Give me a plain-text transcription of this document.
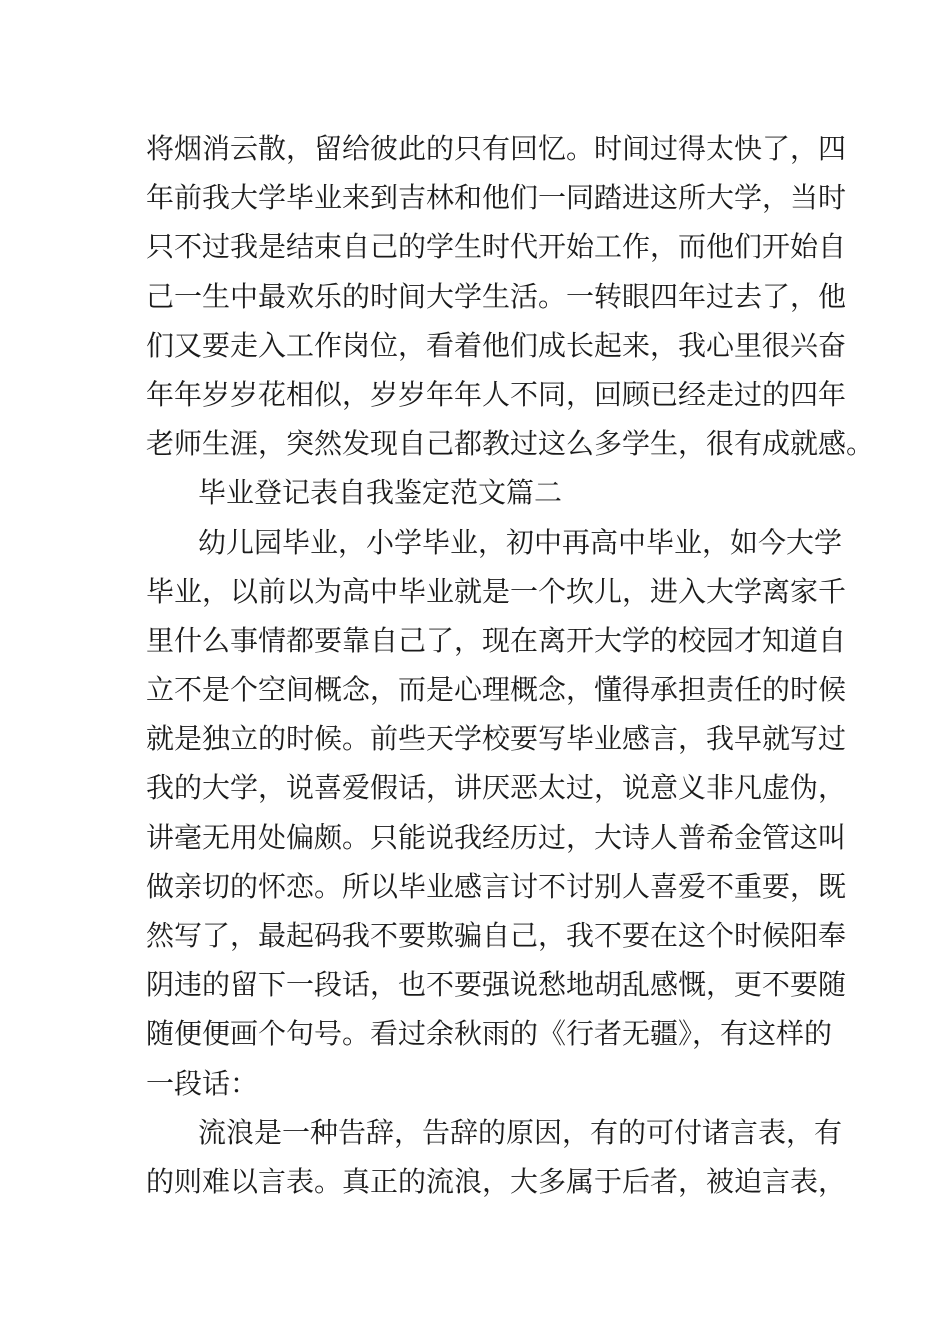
将烟消云散，留给彼此的只有回忆。时间过得太快了，四
年前我大学毕业来到吉林和他们一同踏进这所大学，当时
只不过我是结束自己的学生时代开始工作，而他们开始自
己一生中最欢乐的时间大学生活。一转眼四年过去了，他
们又要走入工作岗位，看着他们成长起来，我心里很兴奋
年年岁岁花相似，岁岁年年人不同，回顾已经走过的四年
老师生涯，突然发现自己都教过这么多学生，很有成就感。
毕业登记表自我鉴定范文篇二
幼儿园毕业，小学毕业，初中再高中毕业，如今大学
毕业，以前以为高中毕业就是一个坎儿，进入大学离家千
里什么事情都要靠自己了，现在离开大学的校园才知道自
立不是个空间概念，而是心理概念，懂得承担责任的时候
就是独立的时候。前些天学校要写毕业感言，我早就写过
我的大学，说喜爱假话，讲厌恶太过，说意义非凡虚伪，
讲毫无用处偏颇。只能说我经历过，大诗人普希金管这叫
做亲切的怀恋。所以毕业感言讨不讨别人喜爱不重要，既
然写了，最起码我不要欺骗自己，我不要在这个时候阳奉
阴违的留下一段话，也不要强说愁地胡乱感慨，更不要随
随便便画个句号。看过余秋雨的《行者无疆》，有这样的
一段话：
流浪是一种告辞，告辞的原因，有的可付诸言表，有
的则难以言表。真正的流浪，大多属于后者，被迫言表，
